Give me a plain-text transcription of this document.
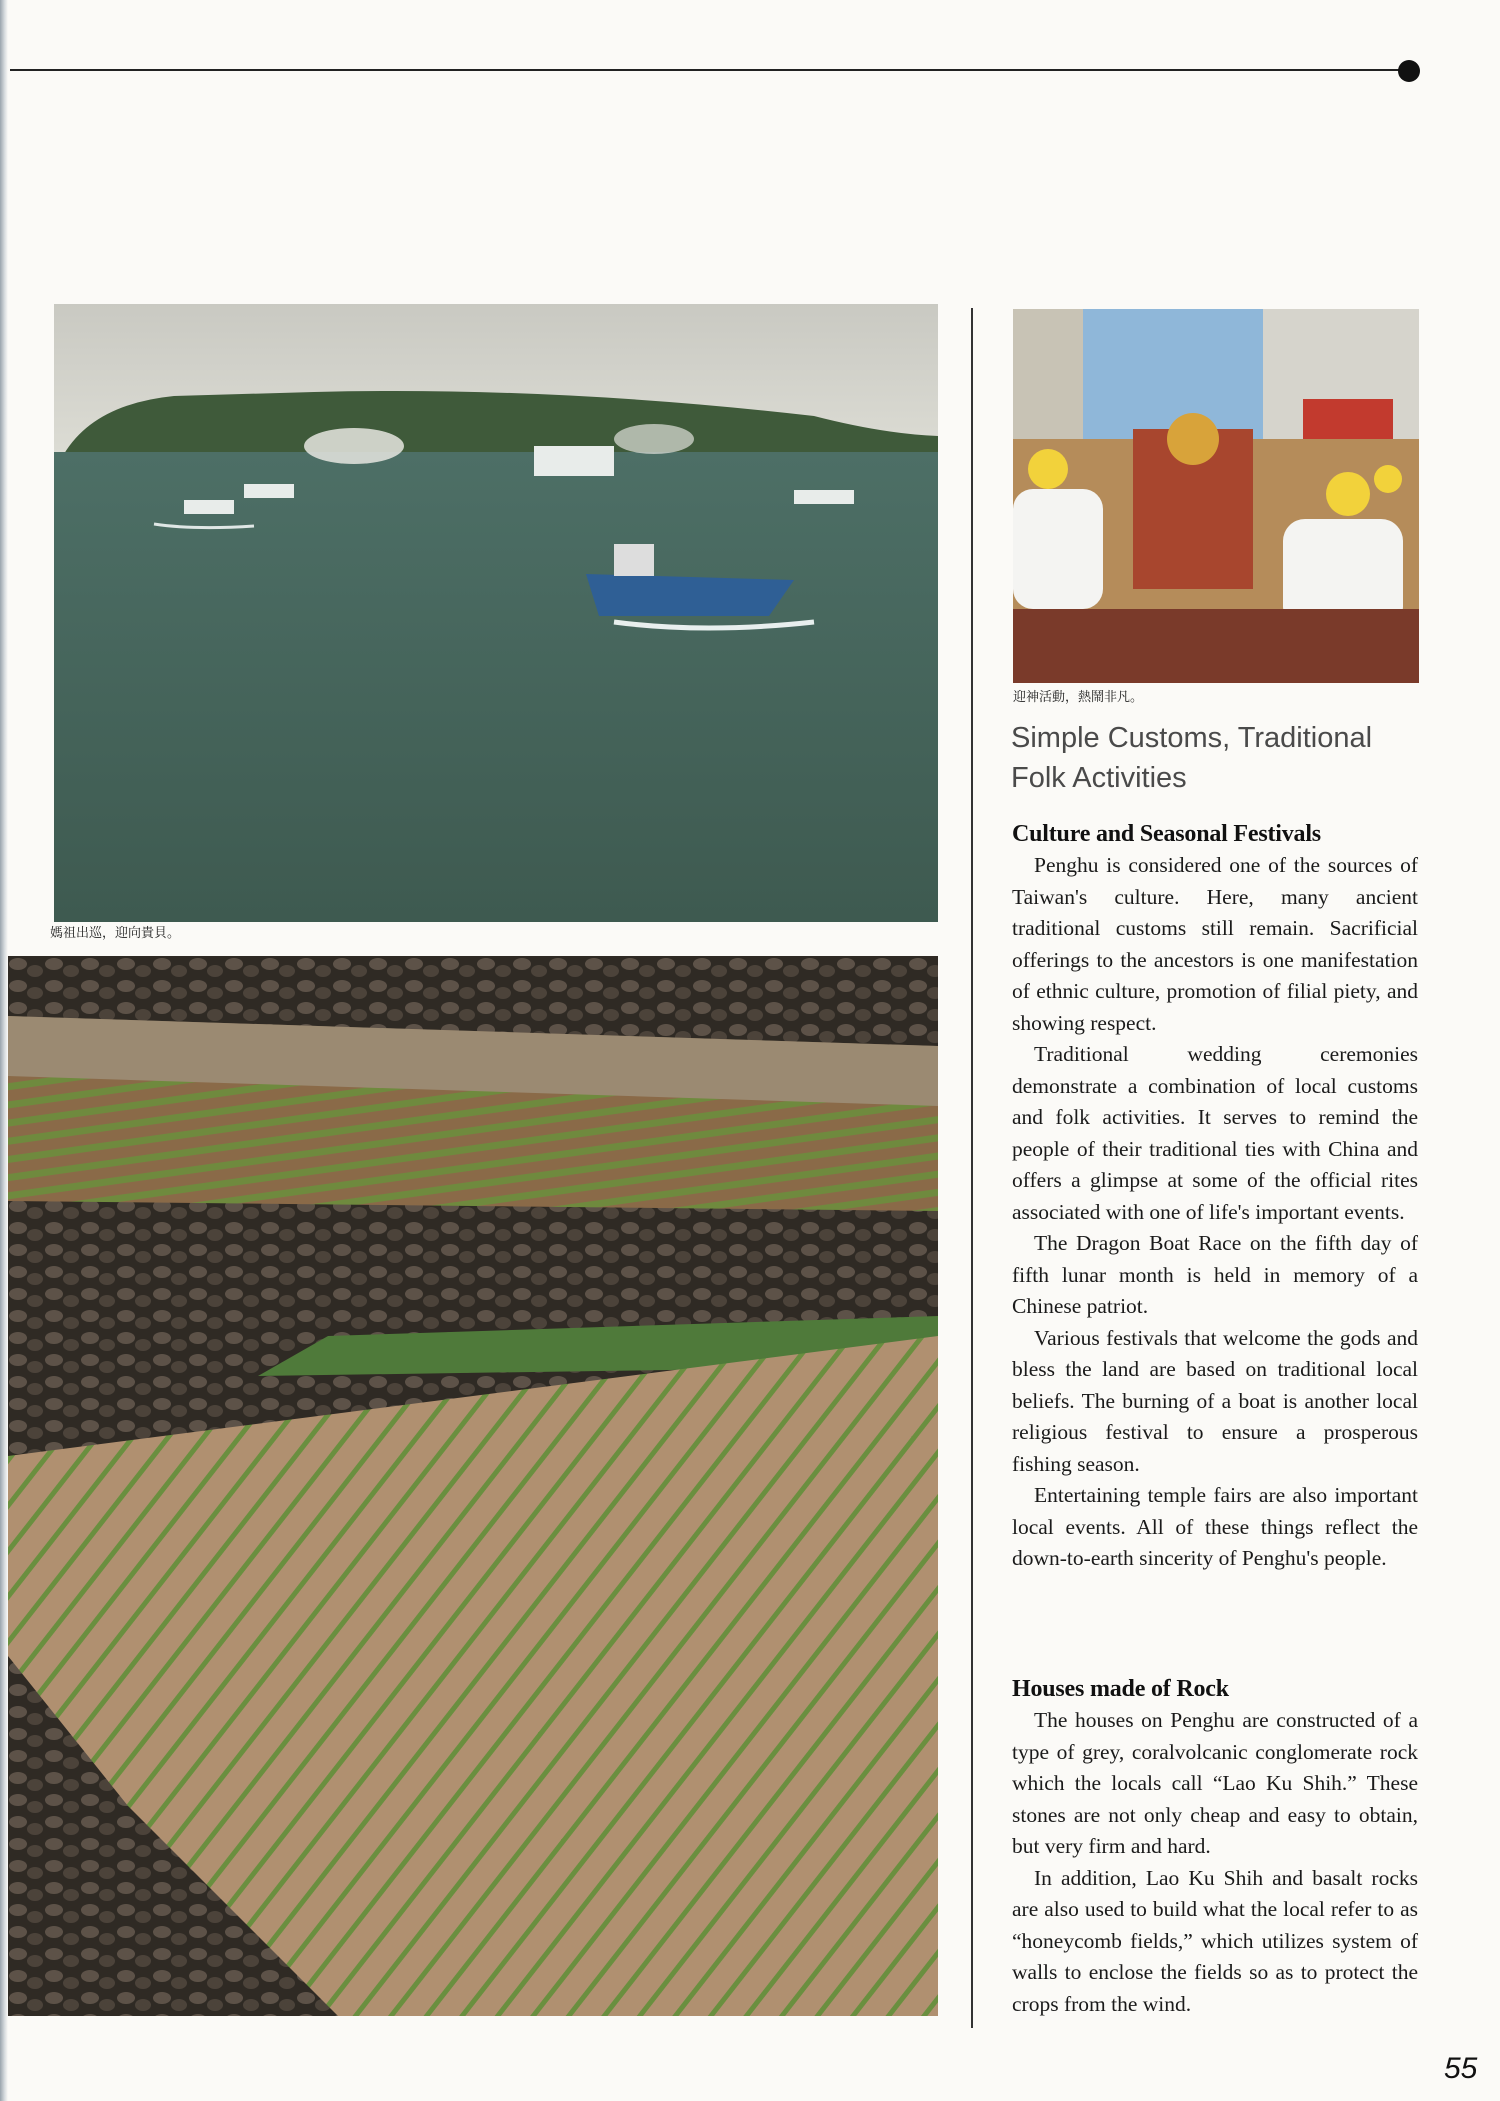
媽祖出巡，迎向貴貝。
迎神活動，熱鬧非凡。
Simple Customs, Traditional Folk Activities
Culture and Seasonal Festivals

Penghu is considered one of the sources of Taiwan's culture. Here, many ancient traditional customs still remain. Sacrificial offerings to the ancestors is one manifestation of ethnic culture, promotion of filial piety, and showing respect.

Traditional wedding ceremonies demonstrate a combination of local customs and folk activities. It serves to remind the people of their traditional ties with China and offers a glimpse at some of the official rites associated with one of life's important events.

The Dragon Boat Race on the fifth day of fifth lunar month is held in memory of a Chinese patriot.

Various festivals that welcome the gods and bless the land are based on traditional local beliefs. The burning of a boat is another local religious festival to ensure a prosperous fishing season.

Entertaining temple fairs are also important local events. All of these things reflect the down-to-earth sincerity of Penghu's people.

Houses made of Rock

The houses on Penghu are constructed of a type of grey, coralvolcanic conglomerate rock which the locals call “Lao Ku Shih.” These stones are not only cheap and easy to obtain, but very firm and hard.

In addition, Lao Ku Shih and basalt rocks are also used to build what the local refer to as “honeycomb fields,” which utilizes system of walls to enclose the fields so as to protect the crops from the wind.

55
